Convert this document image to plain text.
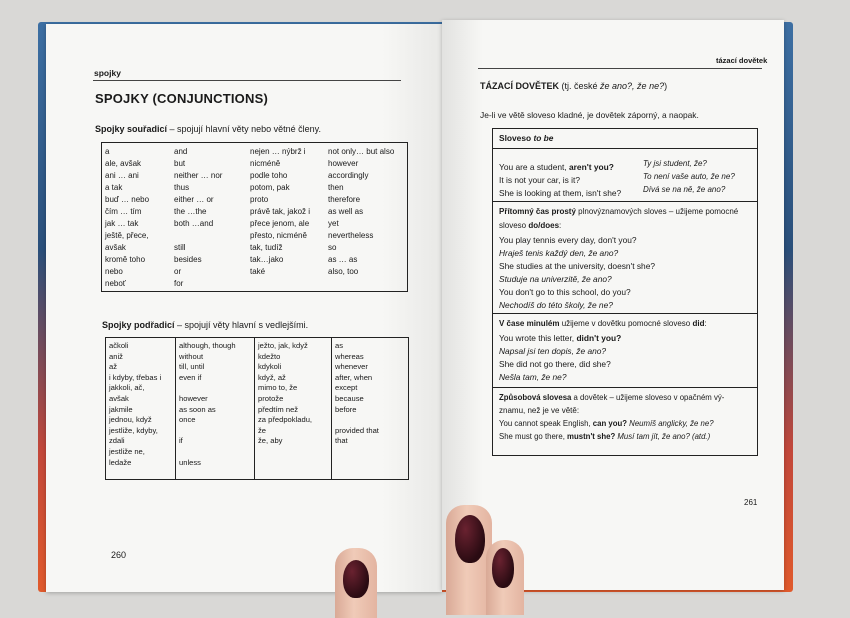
spojky
SPOJKY (CONJUNCTIONS)
Spojky souřadicí – spojují hlavní věty nebo větné členy.
a
ale, avšak
ani … ani
a tak
buď … nebo
čím … tím
jak … tak
ještě, přece,
avšak
kromě toho
nebo
neboť
and
but
neither … nor
thus
either … or
the …the
both …and

still
besides
or
for
nejen … nýbrž i
nicméně
podle toho
potom, pak
proto
právě tak, jakož i
přece jenom, ale
přesto, nicméně
tak, tudíž
tak…jako
také
not only… but also
however
accordingly
then
therefore
as well as
yet
nevertheless
so
as … as
also, too
Spojky podřadicí – spojují věty hlavní s vedlejšími.
ačkoli
aniž
až
i kdyby, třebas i
jakkoli, ač,
avšak
jakmile
jednou, když
jestliže, kdyby,
zdali
jestliže ne,
ledaže
although, though
without
till, until
even if

however
as soon as
once

if

unless
ježto, jak, když
kdežto
kdykoli
když, až
mimo to, že
protože
předtím než
za předpokladu,
že
že, aby
as
whereas
whenever
after, when
except
because
before

provided that
that
260
tázací dovětek
TÁZACÍ DOVĚTEK (tj. české že ano?, že ne?)
Je-li ve větě sloveso kladné, je dovětek záporný, a naopak.
Sloveso to be
You are a student, aren't you?
It is not your car, is it?
She is looking at them, isn't she?
Ty jsi student, že?
To není vaše auto, že ne?
Dívá se na ně, že ano?
Přítomný čas prostý plnovýznamových sloves – užijeme pomocné
sloveso do/does:
You play tennis every day, don't you?
Hraješ tenis každý den, že ano?
She studies at the university, doesn't she?
Studuje na univerzitě, že ano?
You don't go to this school, do you?
Nechodíš do této školy, že ne?
V čase minulém užijeme v dovětku pomocné sloveso did:
You wrote this letter, didn't you?
Napsal jsi ten dopis, že ano?
She did not go there, did she?
Nešla tam, že ne?
Způsobová slovesa a dovětek – užijeme sloveso v opačném vý-
znamu, než je ve větě:
You cannot speak English, can you? Neumíš anglicky, že ne?
She must go there, mustn't she? Musí tam jít, že ano? (atd.)
261
